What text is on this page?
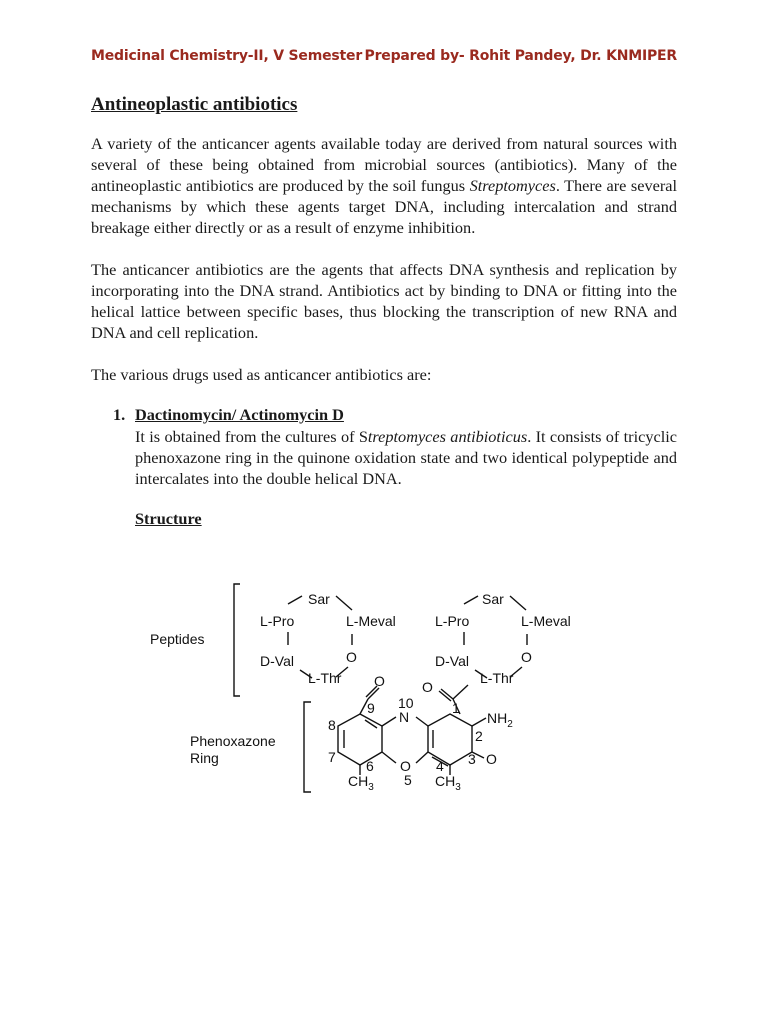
Medicinal Chemistry-II, V Semester Prepared by- Rohit Pandey, Dr. KNMIPER
Antineoplastic antibiotics

A variety of the anticancer agents available today are derived from natural sources with several of these being obtained from microbial sources (antibiotics). Many of the antineoplastic antibiotics are produced by the soil fungus Streptomyces. There are several mechanisms by which these agents target DNA, including intercalation and strand breakage either directly or as a result of enzyme inhibition.

The anticancer antibiotics are the agents that affects DNA synthesis and replication by incorporating into the DNA strand. Antibiotics act by binding to DNA or fitting into the helical lattice between specific bases, thus blocking the transcription of new RNA and DNA and cell replication.

The various drugs used as anticancer antibiotics are:

1. Dactinomycin/ Actinomycin D

It is obtained from the cultures of Streptomyces antibioticus. It consists of tricyclic phenoxazone ring in the quinone oxidation state and two identical polypeptide and intercalates into the double helical DNA.

Structure
Peptides
Phenoxazone
Ring
Sar
L-Pro	L-Meval
D-Val	O
L-Thr
Sar
L-Pro	L-Meval
D-Val	O
L-Thr
O	O
10
N
9
8
7
6 O
5
4
1
2
3 O
$NH_2$
$CH_3$	$CH_3$
